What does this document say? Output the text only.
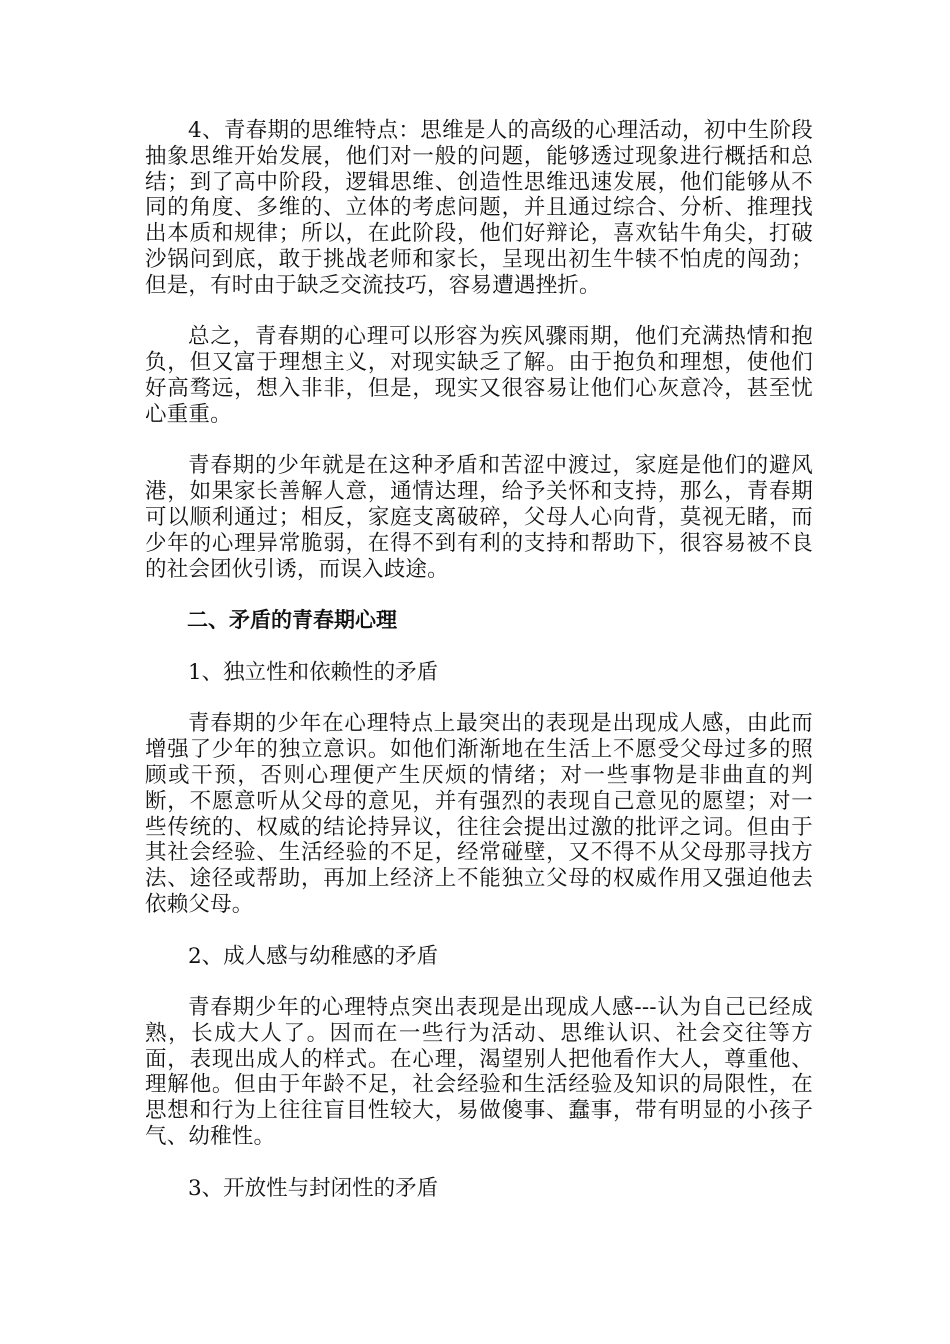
4、青春期的思维特点：思维是人的高级的心理活动，初中生阶段抽象思维开始发展，他们对一般的问题，能够透过现象进行概括和总结；到了高中阶段，逻辑思维、创造性思维迅速发展，他们能够从不同的角度、多维的、立体的考虑问题，并且通过综合、分析、推理找出本质和规律；所以，在此阶段，他们好辩论，喜欢钻牛角尖，打破沙锅问到底，敢于挑战老师和家长，呈现出初生牛犊不怕虎的闯劲；但是，有时由于缺乏交流技巧，容易遭遇挫折。

总之，青春期的心理可以形容为疾风骤雨期，他们充满热情和抱负，但又富于理想主义，对现实缺乏了解。由于抱负和理想，使他们好高骛远，想入非非，但是，现实又很容易让他们心灰意冷，甚至忧心重重。

青春期的少年就是在这种矛盾和苦涩中渡过，家庭是他们的避风港，如果家长善解人意，通情达理，给予关怀和支持，那么，青春期可以顺利通过；相反，家庭支离破碎，父母人心向背，莫视无睹，而少年的心理异常脆弱，在得不到有利的支持和帮助下，很容易被不良的社会团伙引诱，而误入歧途。

二、矛盾的青春期心理

1、独立性和依赖性的矛盾

青春期的少年在心理特点上最突出的表现是出现成人感，由此而增强了少年的独立意识。如他们渐渐地在生活上不愿受父母过多的照顾或干预，否则心理便产生厌烦的情绪；对一些事物是非曲直的判断，不愿意听从父母的意见，并有强烈的表现自己意见的愿望；对一些传统的、权威的结论持异议，往往会提出过激的批评之词。但由于其社会经验、生活经验的不足，经常碰壁，又不得不从父母那寻找方法、途径或帮助，再加上经济上不能独立父母的权威作用又强迫他去依赖父母。

2、成人感与幼稚感的矛盾

青春期少年的心理特点突出表现是出现成人感---认为自己已经成熟，长成大人了。因而在一些行为活动、思维认识、社会交往等方面，表现出成人的样式。在心理，渴望别人把他看作大人，尊重他、理解他。但由于年龄不足，社会经验和生活经验及知识的局限性，在思想和行为上往往盲目性较大，易做傻事、蠢事，带有明显的小孩子气、幼稚性。

3、开放性与封闭性的矛盾
